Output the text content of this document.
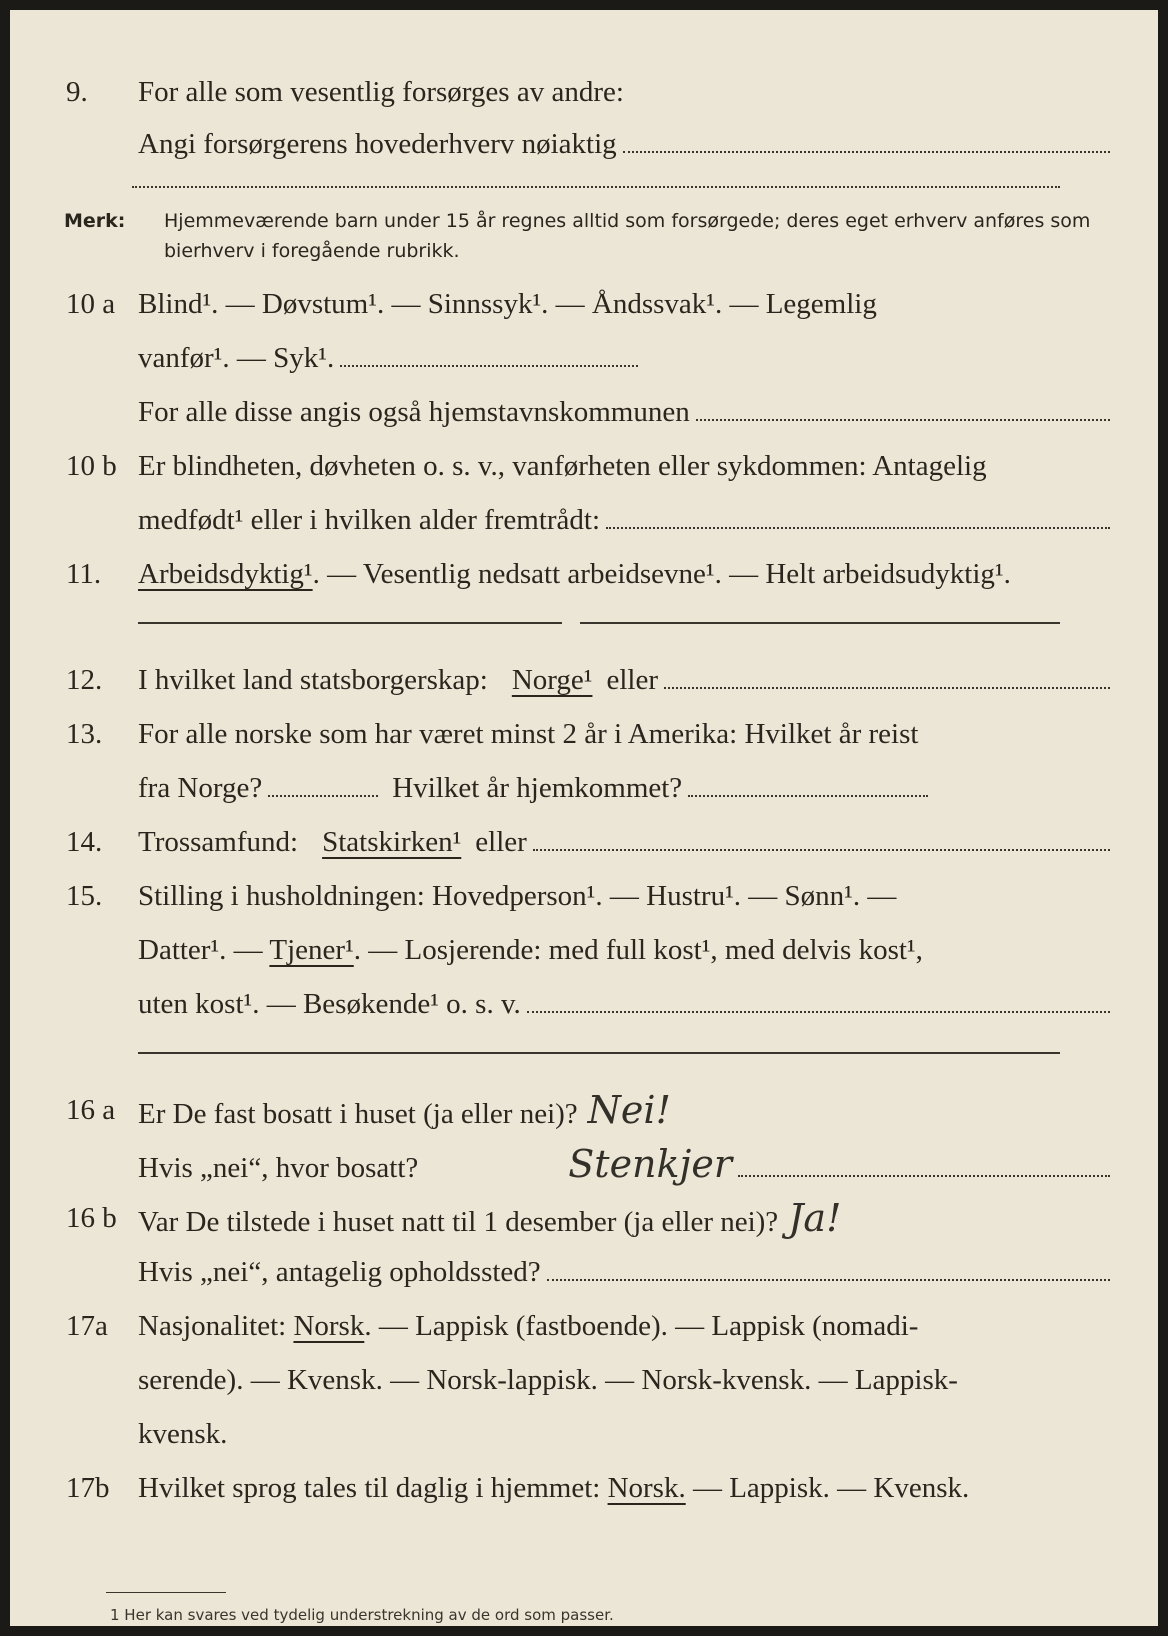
9.	For alle som vesentlig forsørges av andre:
Angi forsørgerens hovederhverv nøiaktig
Merk: Hjemmeværende barn under 15 år regnes alltid som forsørgede; deres eget erhverv anføres som bierhverv i foregående rubrikk.
10 a Blind¹. — Døvstum¹. — Sinnssyk¹. — Åndssvak¹. — Legemlig
vanfør¹. — Syk¹.
For alle disse angis også hjemstavnskommunen
10 b Er blindheten, døvheten o. s. v., vanførheten eller sykdommen: Antagelig
medfødt¹ eller i hvilken alder fremtrådt:
11.	Arbeidsdyktig¹. — Vesentlig nedsatt arbeidsevne¹. — Helt arbeidsudyktig¹.
12.	I hvilket land statsborgerskap: Norge¹ eller
13.	For alle norske som har været minst 2 år i Amerika: Hvilket år reist
fra Norge?	Hvilket år hjemkommet?
14.	Trossamfund: Statskirken¹ eller
15.	Stilling i husholdningen: Hovedperson¹. — Hustru¹. — Sønn¹. —
Datter¹. — Tjener¹. — Losjerende: med full kost¹, med delvis kost¹,
uten kost¹. — Besøkende¹ o. s. v.
16 a Er De fast bosatt i huset (ja eller nei)? Nei!
Hvis „nei“, hvor bosatt?	Stenkjer
16 b Var De tilstede i huset natt til 1 desember (ja eller nei)? Ja!
Hvis „nei“, antagelig opholdssted?
17a	Nasjonalitet: Norsk. — Lappisk (fastboende). — Lappisk (nomadi-
serende). — Kvensk. — Norsk-lappisk. — Norsk-kvensk. — Lappisk-
kvensk.
17b Hvilket sprog tales til daglig i hjemmet: Norsk. — Lappisk. — Kvensk.
1 Her kan svares ved tydelig understrekning av de ord som passer.
